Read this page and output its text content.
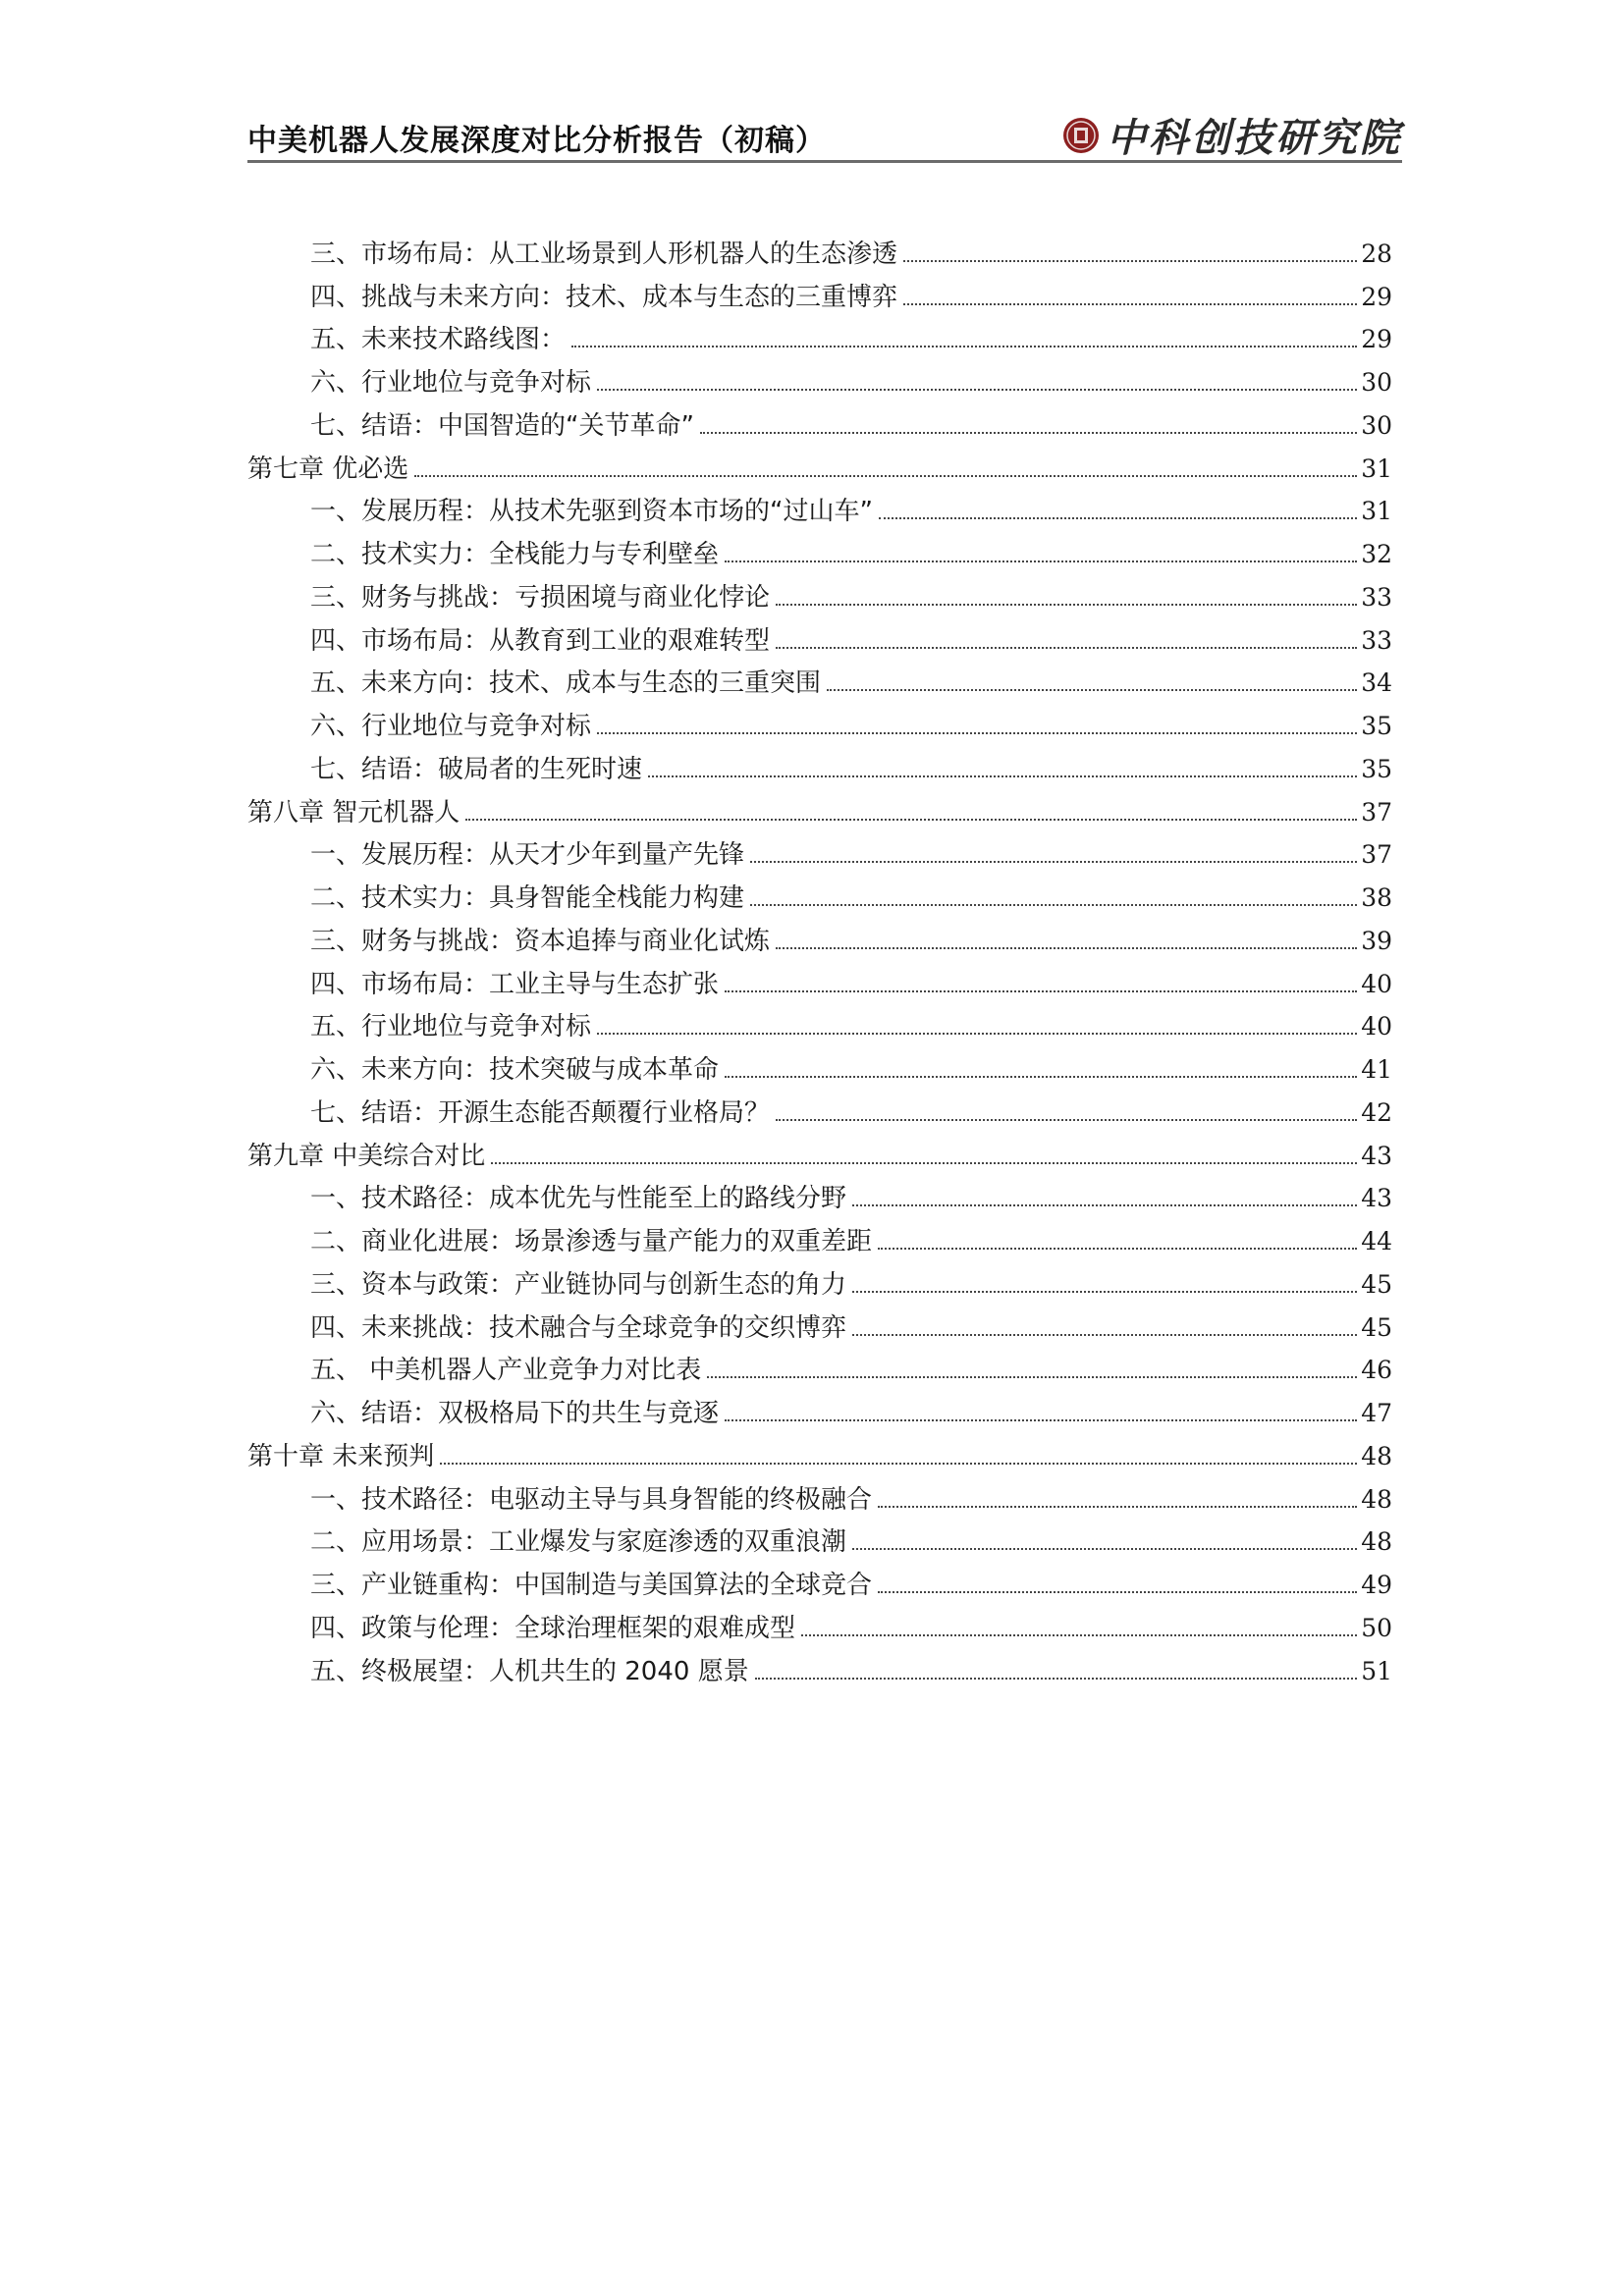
中美机器人发展深度对比分析报告（初稿）	中科创技研究院
三、市场布局：从工业场景到人形机器人的生态渗透	28
四、挑战与未来方向：技术、成本与生态的三重博弈	29
五、未来技术路线图：	29
六、行业地位与竞争对标	30
七、结语：中国智造的“关节革命”	30
第七章 优必选	31
一、发展历程：从技术先驱到资本市场的“过山车”	31
二、技术实力：全栈能力与专利壁垒	32
三、财务与挑战：亏损困境与商业化悖论	33
四、市场布局：从教育到工业的艰难转型	33
五、未来方向：技术、成本与生态的三重突围	34
六、行业地位与竞争对标	35
七、结语：破局者的生死时速	35
第八章 智元机器人	37
一、发展历程：从天才少年到量产先锋	37
二、技术实力：具身智能全栈能力构建	38
三、财务与挑战：资本追捧与商业化试炼	39
四、市场布局：工业主导与生态扩张	40
五、行业地位与竞争对标	40
六、未来方向：技术突破与成本革命	41
七、结语：开源生态能否颠覆行业格局？	42
第九章 中美综合对比	43
一、技术路径：成本优先与性能至上的路线分野	43
二、商业化进展：场景渗透与量产能力的双重差距	44
三、资本与政策：产业链协同与创新生态的角力	45
四、未来挑战：技术融合与全球竞争的交织博弈	45
五、 中美机器人产业竞争力对比表	46
六、结语：双极格局下的共生与竞逐	47
第十章 未来预判	48
一、技术路径：电驱动主导与具身智能的终极融合	48
二、应用场景：工业爆发与家庭渗透的双重浪潮	48
三、产业链重构：中国制造与美国算法的全球竞合	49
四、政策与伦理：全球治理框架的艰难成型	50
五、终极展望：人机共生的 2040 愿景	51
